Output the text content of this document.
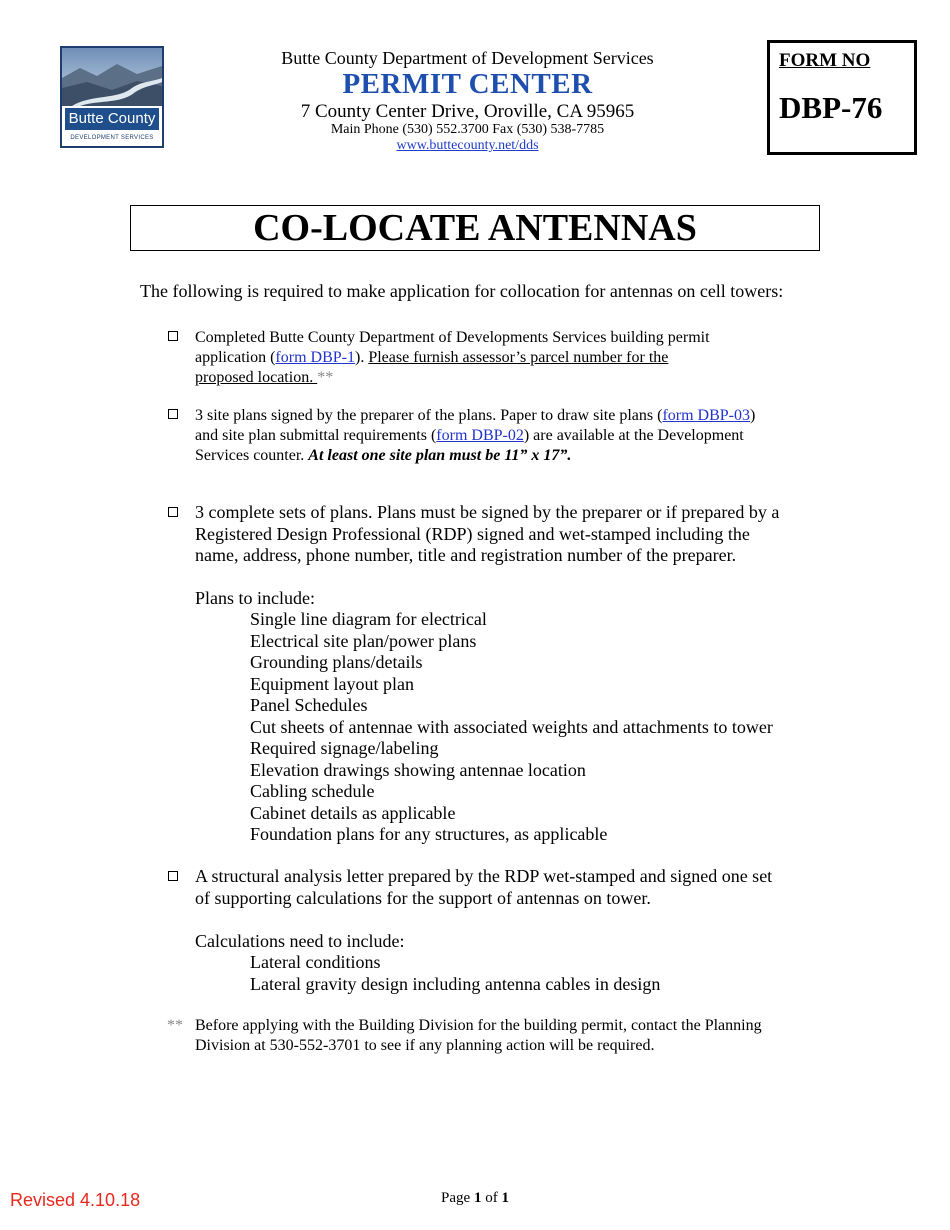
Butte County
DEVELOPMENT SERVICES
Butte County Department of Development Services
PERMIT CENTER
7 County Center Drive, Oroville, CA 95965
Main Phone (530) 552.3700 Fax (530) 538-7785
www.buttecounty.net/dds
FORM NO
DBP-76
CO-LOCATE ANTENNAS
The following is required to make application for collocation for antennas on cell towers:
Completed Butte County Department of Developments Services building permit
application (form DBP-1). Please furnish assessor’s parcel number for the
proposed location. **
3 site plans signed by the preparer of the plans. Paper to draw site plans (form DBP-03)
and site plan submittal requirements (form DBP-02) are available at the Development
Services counter. At least one site plan must be 11” x 17”.
3 complete sets of plans. Plans must be signed by the preparer or if prepared by a
Registered Design Professional (RDP) signed and wet-stamped including the
name, address, phone number, title and registration number of the preparer.
Plans to include:
Single line diagram for electrical
Electrical site plan/power plans
Grounding plans/details
Equipment layout plan
Panel Schedules
Cut sheets of antennae with associated weights and attachments to tower
Required signage/labeling
Elevation drawings showing antennae location
Cabling schedule
Cabinet details as applicable
Foundation plans for any structures, as applicable
A structural analysis letter prepared by the RDP wet-stamped and signed one set
of supporting calculations for the support of antennas on tower.
Calculations need to include:
Lateral conditions
Lateral gravity design including antenna cables in design
** Before applying with the Building Division for the building permit, contact the Planning
Division at 530-552-3701 to see if any planning action will be required.
Revised 4.10.18	Page 1 of 1
